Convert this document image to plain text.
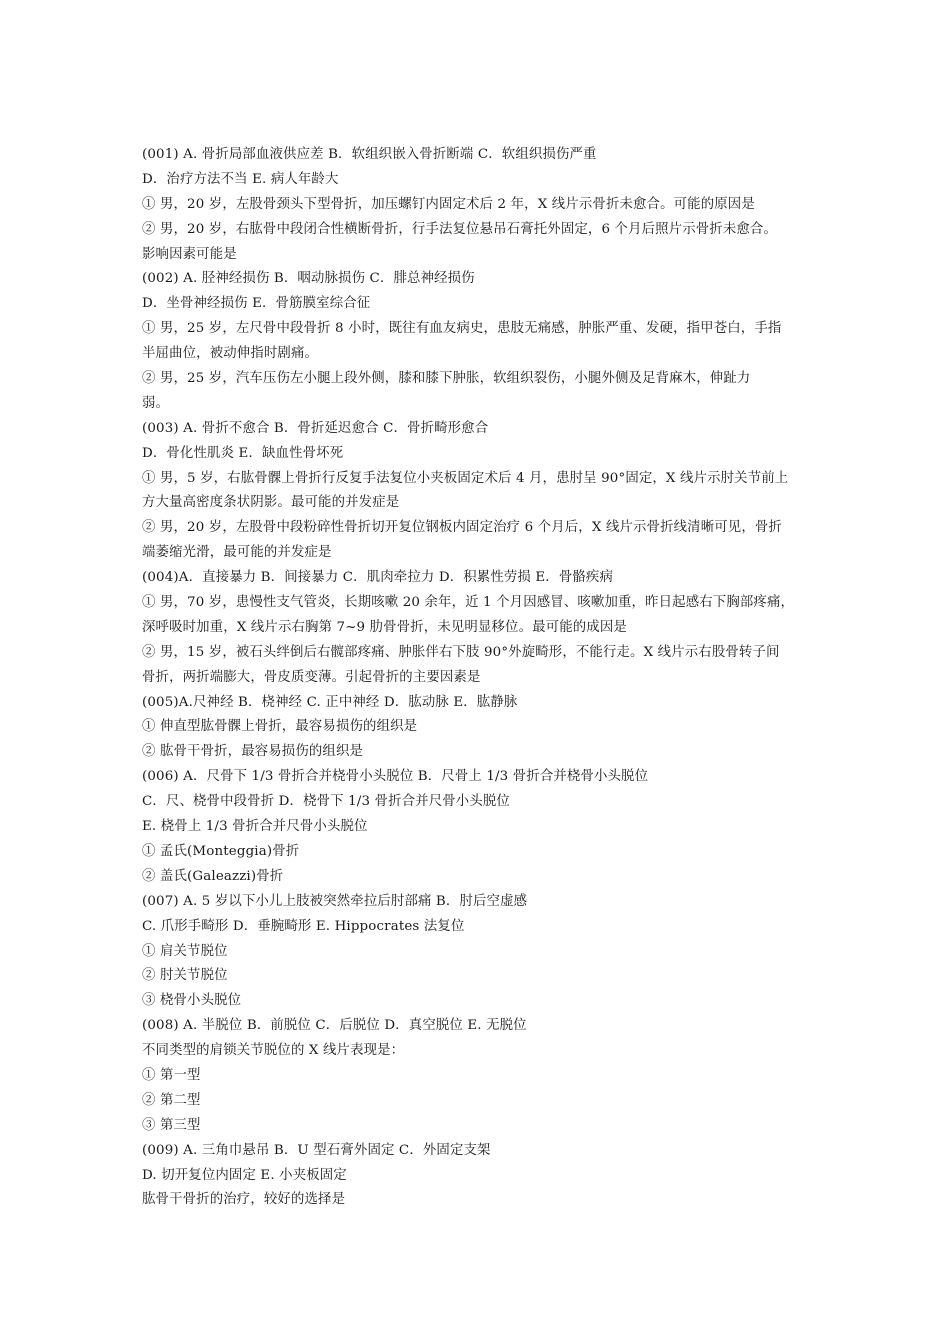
(001) A. 骨折局部血液供应差 B．软组织嵌入骨折断端 C．软组织损伤严重
D．治疗方法不当 E. 病人年龄大
① 男，20 岁，左股骨颈头下型骨折，加压螺钉内固定术后 2 年，X 线片示骨折未愈合。可能的原因是
② 男，20 岁，右肱骨中段闭合性横断骨折，行手法复位悬吊石膏托外固定，6 个月后照片示骨折未愈合。
影响因素可能是
(002) A. 胫神经损伤 B．咽动脉损伤 C．腓总神经损伤
D．坐骨神经损伤 E．骨筋膜室综合征
① 男，25 岁，左尺骨中段骨折 8 小时，既往有血友病史，患肢无痛感，肿胀严重、发硬，指甲苍白，手指
半屈曲位，被动伸指时剧痛。
② 男，25 岁，汽车压伤左小腿上段外侧，膝和膝下肿胀，软组织裂伤，小腿外侧及足背麻木，伸趾力
弱。
(003) A. 骨折不愈合 B．骨折延迟愈合 C．骨折畸形愈合
D．骨化性肌炎 E．缺血性骨坏死
① 男，5 岁，右肱骨髁上骨折行反复手法复位小夹板固定术后 4 月，患肘呈 90°固定，X 线片示肘关节前上
方大量高密度条状阴影。最可能的并发症是
② 男，20 岁，左股骨中段粉碎性骨折切开复位钢板内固定治疗 6 个月后，X 线片示骨折线清晰可见，骨折
端萎缩光滑，最可能的并发症是
(004)A．直接暴力 B．间接暴力 C．肌肉牵拉力 D．积累性劳损 E．骨骼疾病
① 男，70 岁，患慢性支气管炎，长期咳嗽 20 余年，近 1 个月因感冒、咳嗽加重，昨日起感右下胸部疼痛，
深呼吸时加重，X 线片示右胸第 7~9 肋骨骨折，未见明显移位。最可能的成因是
② 男，15 岁，被石头绊倒后右髋部疼痛、肿胀伴右下肢 90°外旋畸形，不能行走。X 线片示右股骨转子间
骨折，两折端膨大，骨皮质变薄。引起骨折的主要因素是
(005)A.尺神经 B．桡神经 C. 正中神经 D．肱动脉 E．肱静脉
① 伸直型肱骨髁上骨折，最容易损伤的组织是
② 肱骨干骨折，最容易损伤的组织是
(006) A．尺骨下 1/3 骨折合并桡骨小头脱位 B．尺骨上 1/3 骨折合并桡骨小头脱位
C．尺、桡骨中段骨折 D．桡骨下 1/3 骨折合并尺骨小头脱位
E. 桡骨上 1/3 骨折合并尺骨小头脱位
① 孟氏(Monteggia)骨折
② 盖氏(Galeazzi)骨折
(007) A. 5 岁以下小儿上肢被突然牵拉后肘部痛 B．肘后空虚感
C. 爪形手畸形 D．垂腕畸形 E. Hippocrates 法复位
① 肩关节脱位
② 肘关节脱位
③ 桡骨小头脱位
(008) A. 半脱位 B．前脱位 C．后脱位 D．真空脱位 E. 无脱位
不同类型的肩锁关节脱位的 X 线片表现是：
① 第一型
② 第二型
③ 第三型
(009) A. 三角巾悬吊 B．U 型石膏外固定 C．外固定支架
D. 切开复位内固定 E. 小夹板固定
肱骨干骨折的治疗，较好的选择是
